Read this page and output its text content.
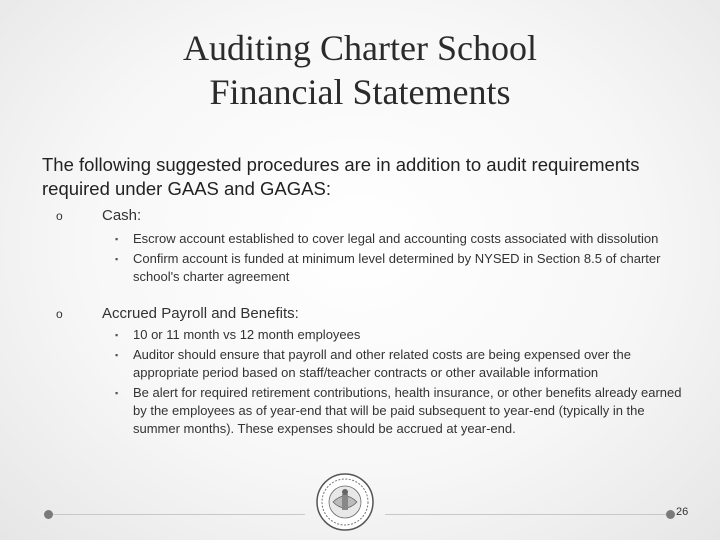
Auditing Charter School
Financial Statements
The following suggested procedures are in addition to audit requirements required under GAAS and GAGAS:
o	Cash:
▪ Escrow account established to cover legal and accounting costs associated with dissolution
▪ Confirm account is funded at minimum level determined by NYSED in Section 8.5 of charter school's charter agreement
o	Accrued Payroll and Benefits:
▪ 10 or 11 month vs 12 month employees
▪ Auditor should ensure that payroll and other related costs are being expensed over the appropriate period based on staff/teacher contracts or other available information
▪ Be alert for required retirement contributions, health insurance, or other benefits already earned by the employees as of year-end that will be paid subsequent to year-end (typically in the summer months). These expenses should be accrued at year-end.
26
